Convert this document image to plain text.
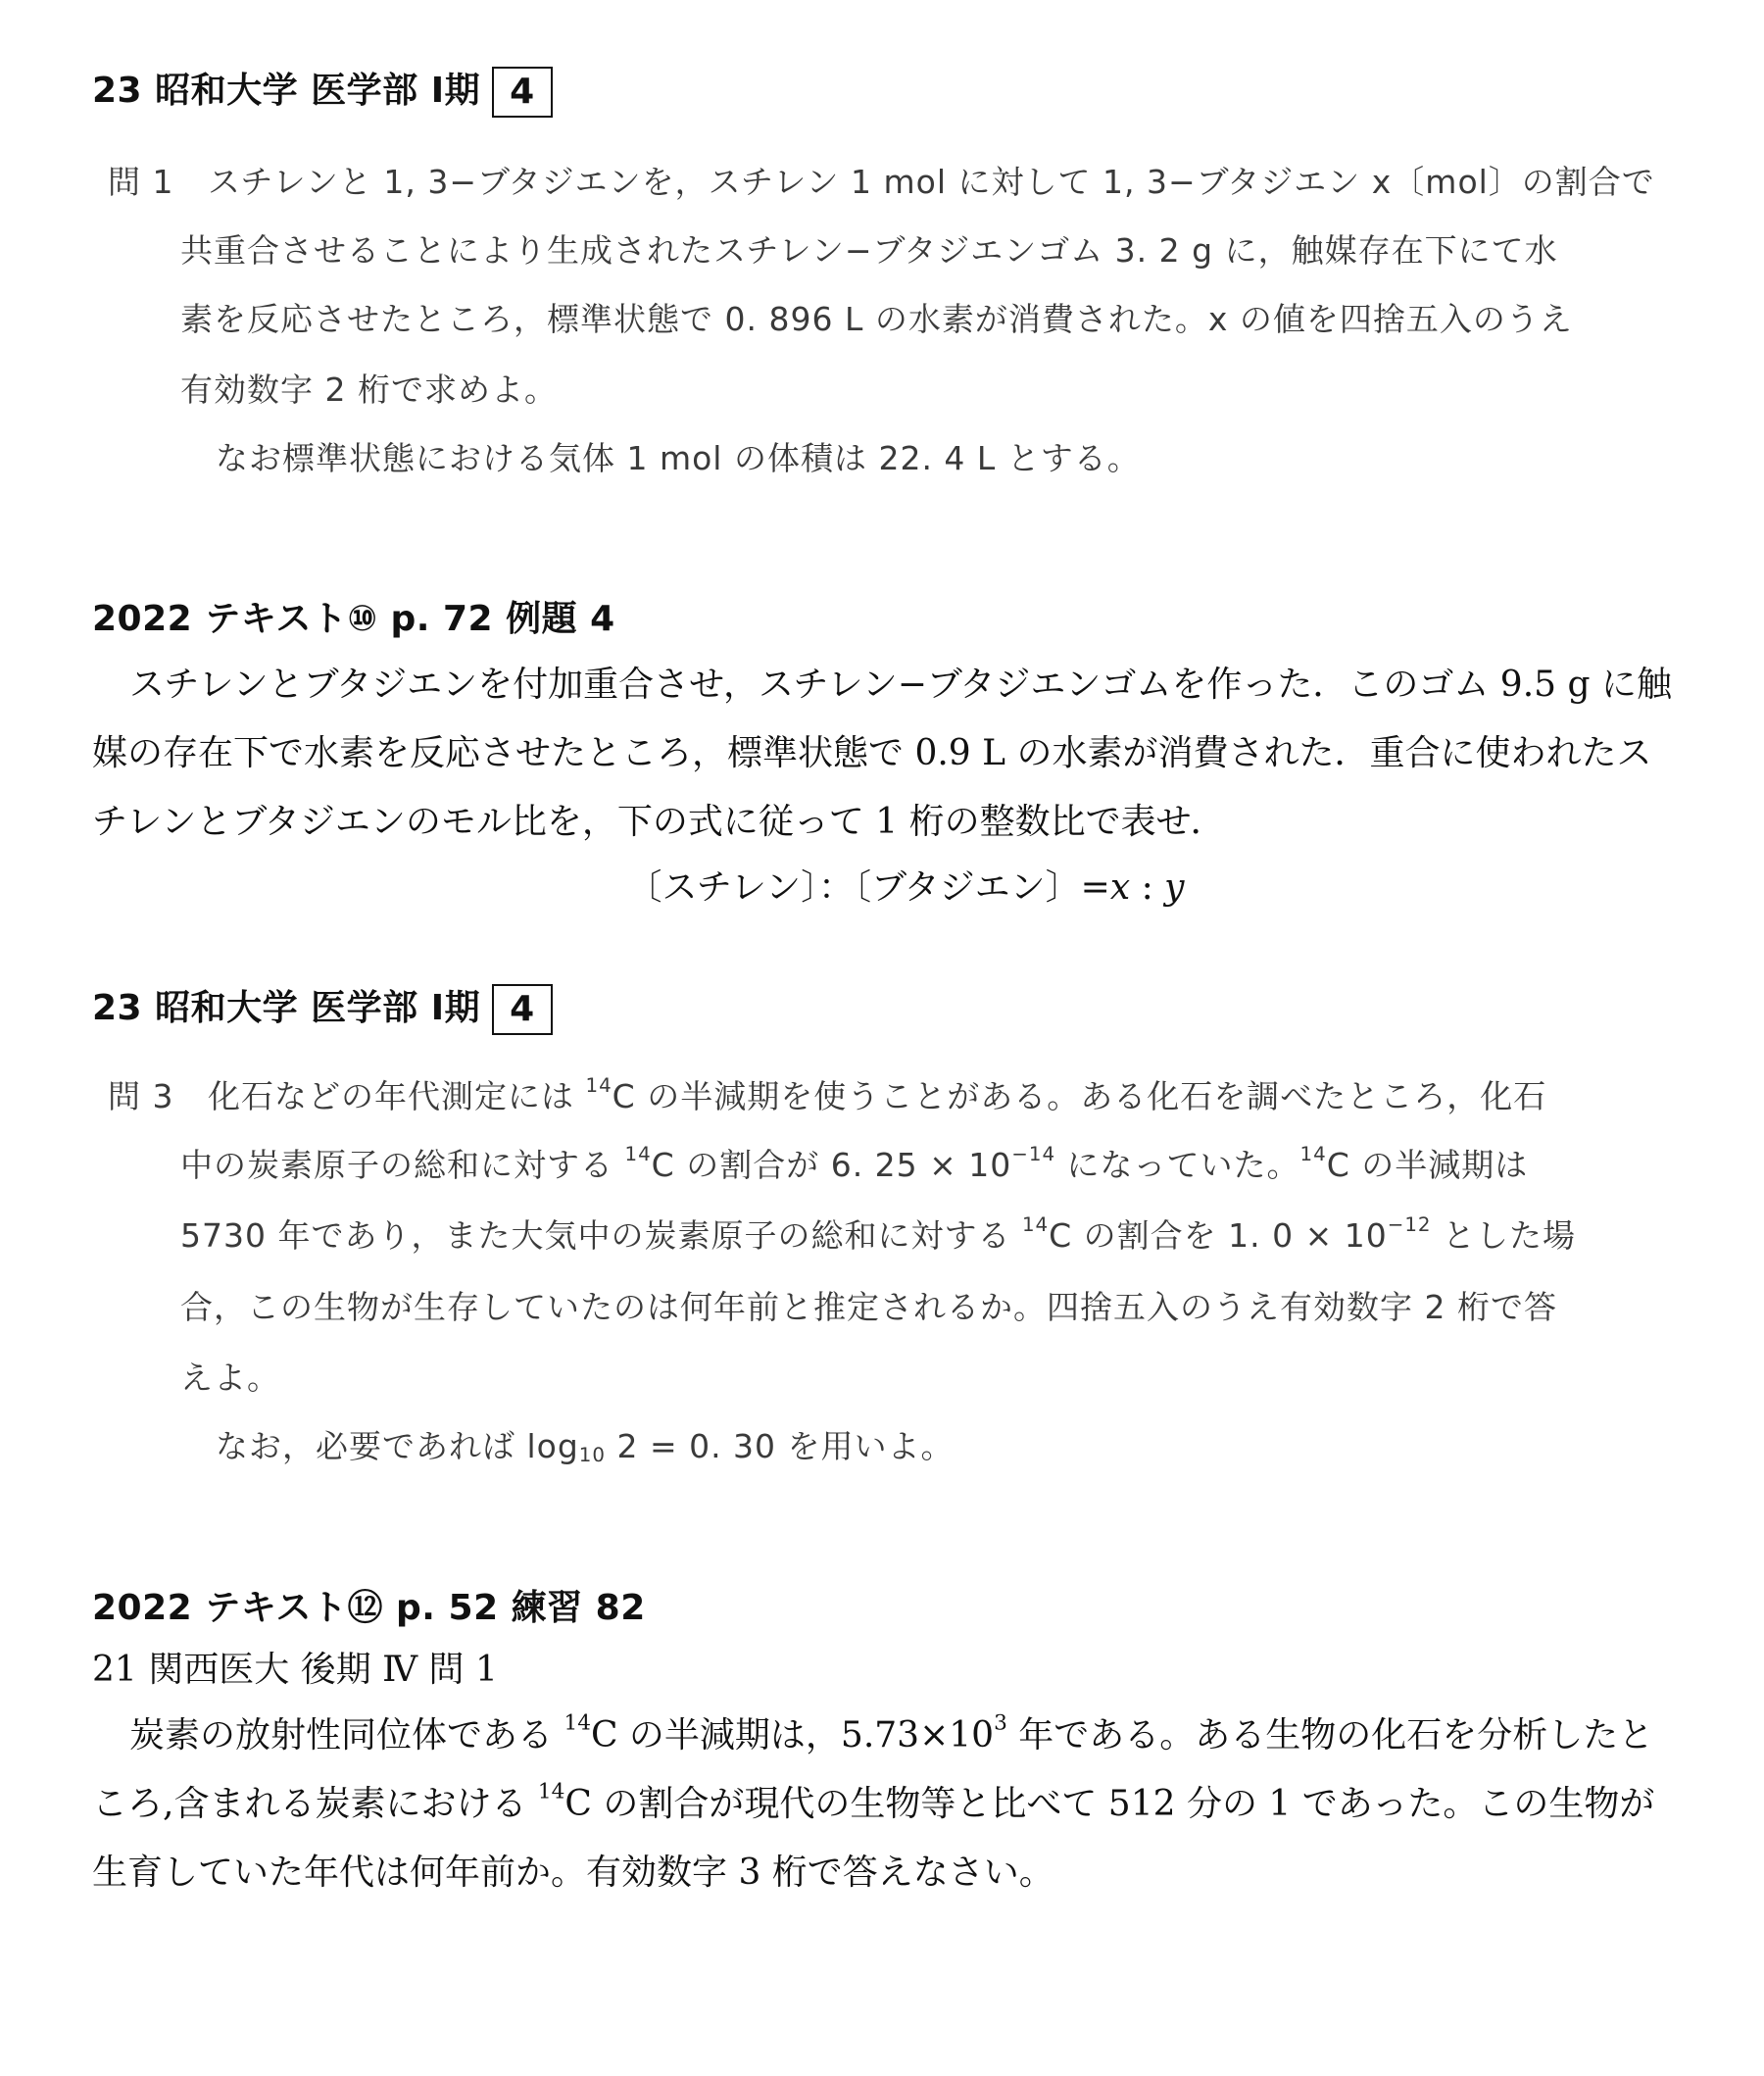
23 昭和大学 医学部 Ⅰ期 4
問 1 スチレンと 1, 3−ブタジエンを，スチレン 1 mol に対して 1, 3−ブタジエン x〔mol〕の割合で
共重合させることにより生成されたスチレン−ブタジエンゴム 3. 2 g に，触媒存在下にて水
素を反応させたところ，標準状態で 0. 896 L の水素が消費された。x の値を四捨五入のうえ
有効数字 2 桁で求めよ。
なお標準状態における気体 1 mol の体積は 22. 4 L とする。
2022 テキスト⑩ p. 72 例題 4

スチレンとブタジエンを付加重合させ，スチレン−ブタジエンゴムを作った．このゴム 9.5 g に触媒の存在下で水素を反応させたところ，標準状態で 0.9 L の水素が消費された．重合に使われたスチレンとブタジエンのモル比を，下の式に従って 1 桁の整数比で表せ．

〔スチレン〕：〔ブタジエン〕=x : y

23 昭和大学 医学部 Ⅰ期 4
問 3 化石などの年代測定には $^{14}$C の半減期を使うことがある。ある化石を調べたところ，化石
中の炭素原子の総和に対する $^{14}$C の割合が 6. $25 \times 10^{-14}$ になっていた。$^{14}$C の半減期は
5730 年であり，また大気中の炭素原子の総和に対する $^{14}$C の割合を 1. $0 \times 10^{-12}$ とした場
合，この生物が生存していたのは何年前と推定されるか。四捨五入のうえ有効数字 2 桁で答
えよ。
なお，必要であれば $\log_{10} 2 = 0$. 30 を用いよ。
2022 テキスト⑫ p. 52 練習 82

21 関西医大 後期 Ⅳ 問 1

炭素の放射性同位体である $^{14}$C の半減期は，$5.73\times 10^3$ 年である。ある生物の化石を分析したところ,含まれる炭素における $^{14}$C の割合が現代の生物等と比べて 512 分の 1 であった。この生物が生育していた年代は何年前か。有効数字 3 桁で答えなさい。
